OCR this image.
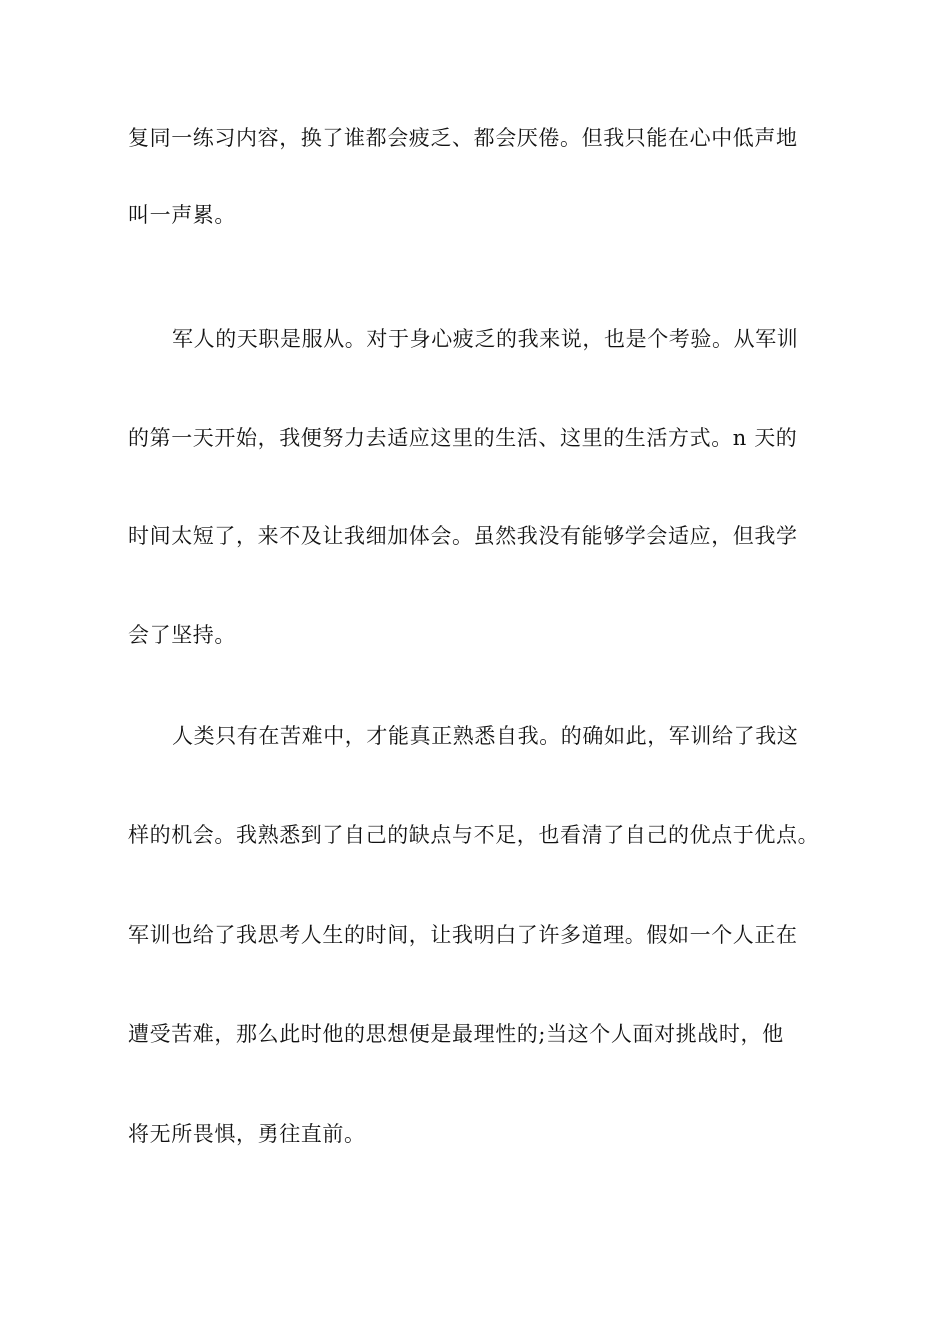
复同一练习内容，换了谁都会疲乏、都会厌倦。但我只能在心中低声地
叫一声累。
军人的天职是服从。对于身心疲乏的我来说，也是个考验。从军训
的第一天开始，我便努力去适应这里的生活、这里的生活方式。n 天的
时间太短了，来不及让我细加体会。虽然我没有能够学会适应，但我学
会了坚持。
人类只有在苦难中，才能真正熟悉自我。的确如此，军训给了我这
样的机会。我熟悉到了自己的缺点与不足，也看清了自己的优点于优点。
军训也给了我思考人生的时间，让我明白了许多道理。假如一个人正在
遭受苦难，那么此时他的思想便是最理性的;当这个人面对挑战时，他
将无所畏惧，勇往直前。
